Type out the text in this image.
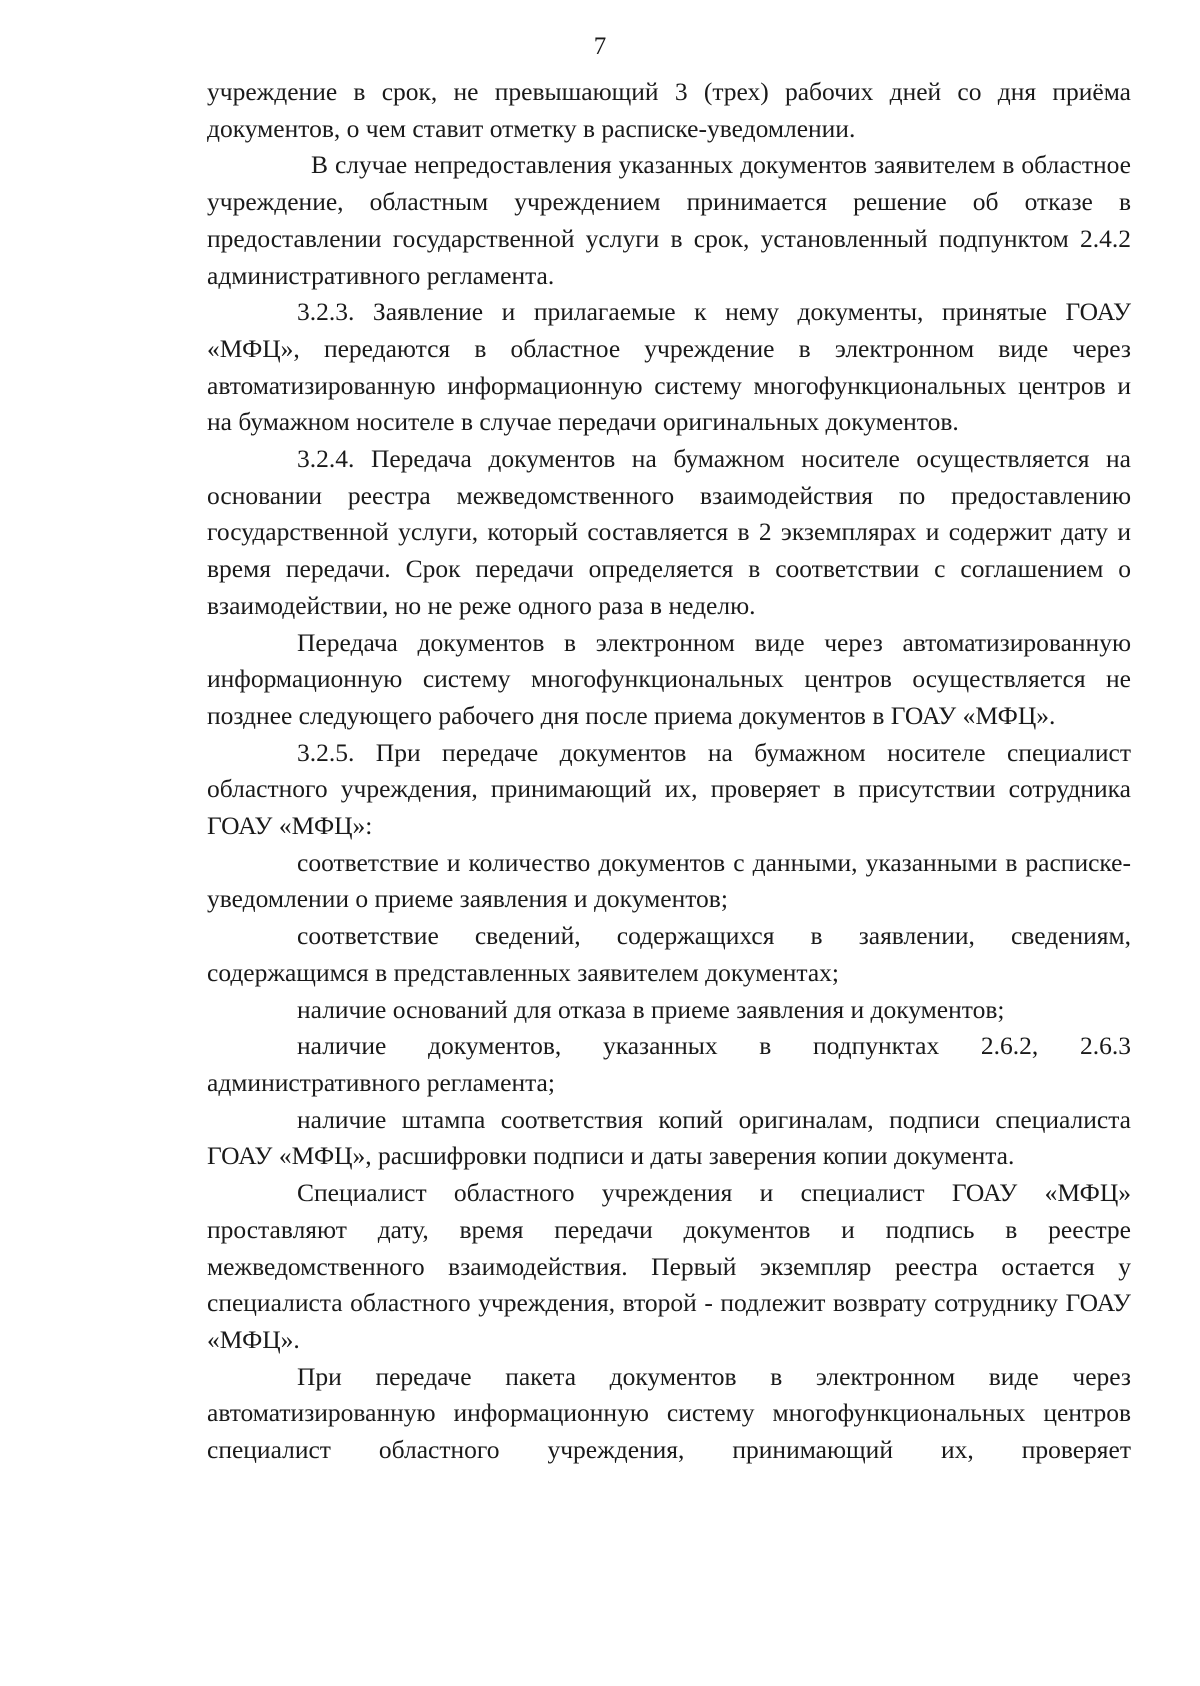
7

учреждение в срок, не превышающий 3 (трех) рабочих дней со дня приёма документов, о чем ставит отметку в расписке-уведомлении.

В случае непредоставления указанных документов заявителем в областное учреждение, областным учреждением принимается решение об отказе в предоставлении государственной услуги в срок, установленный подпунктом 2.4.2 административного регламента.

3.2.3. Заявление и прилагаемые к нему документы, принятые ГОАУ «МФЦ», передаются в областное учреждение в электронном виде через автоматизированную информационную систему многофункциональных центров и на бумажном носителе в случае передачи оригинальных документов.

3.2.4. Передача документов на бумажном носителе осуществляется на основании реестра межведомственного взаимодействия по предоставлению государственной услуги, который составляется в 2 экземплярах и содержит дату и время передачи. Срок передачи определяется в соответствии с соглашением о взаимодействии, но не реже одного раза в неделю.

Передача документов в электронном виде через автоматизированную информационную систему многофункциональных центров осуществляется не позднее следующего рабочего дня после приема документов в ГОАУ «МФЦ».

3.2.5. При передаче документов на бумажном носителе специалист областного учреждения, принимающий их, проверяет в присутствии сотрудника ГОАУ «МФЦ»:

соответствие и количество документов с данными, указанными в расписке-уведомлении о приеме заявления и документов;

соответствие сведений, содержащихся в заявлении, сведениям, содержащимся в представленных заявителем документах;

наличие оснований для отказа в приеме заявления и документов;

наличие документов, указанных в подпунктах 2.6.2, 2.6.3 административного регламента;

наличие штампа соответствия копий оригиналам, подписи специалиста ГОАУ «МФЦ», расшифровки подписи и даты заверения копии документа.

Специалист областного учреждения и специалист ГОАУ «МФЦ» проставляют дату, время передачи документов и подпись в реестре межведомственного взаимодействия. Первый экземпляр реестра остается у специалиста областного учреждения, второй - подлежит возврату сотруднику ГОАУ «МФЦ».

При передаче пакета документов в электронном виде через автоматизированную информационную систему многофункциональных центров специалист областного учреждения, принимающий их, проверяет
